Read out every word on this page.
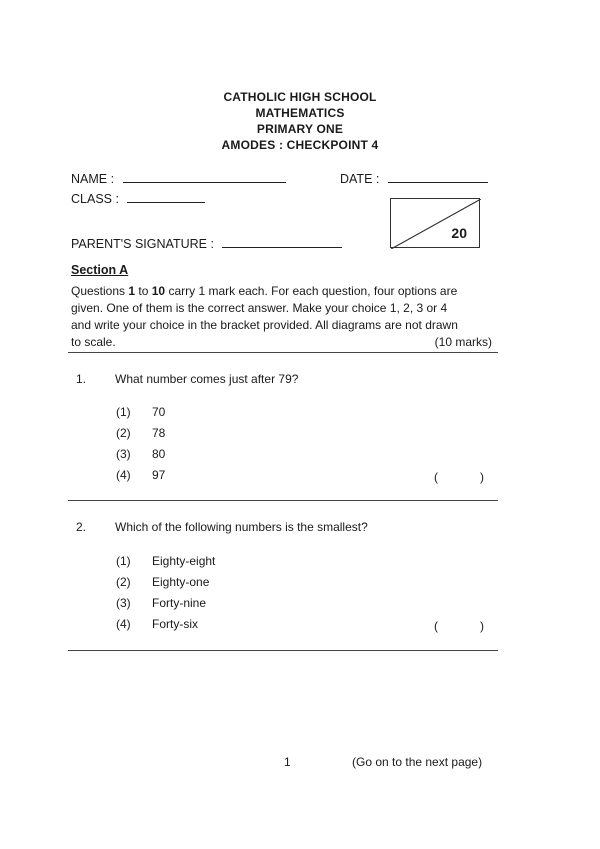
CATHOLIC HIGH SCHOOL
MATHEMATICS
PRIMARY ONE
AMODES : CHECKPOINT 4
NAME :	DATE :
CLASS :
PARENT'S SIGNATURE :
20
Section A
Questions 1 to 10 carry 1 mark each. For each question, four options are
given. One of them is the correct answer. Make your choice 1, 2, 3 or 4
and write your choice in the bracket provided. All diagrams are not drawn
to scale.	(10 marks)
1. What number comes just after 79?
(1) 70
(2) 78
(3) 80
(4) 97	(	)
2. Which of the following numbers is the smallest?
(1) Eighty-eight
(2) Eighty-one
(3) Forty-nine
(4) Forty-six	(	)
1	(Go on to the next page)
